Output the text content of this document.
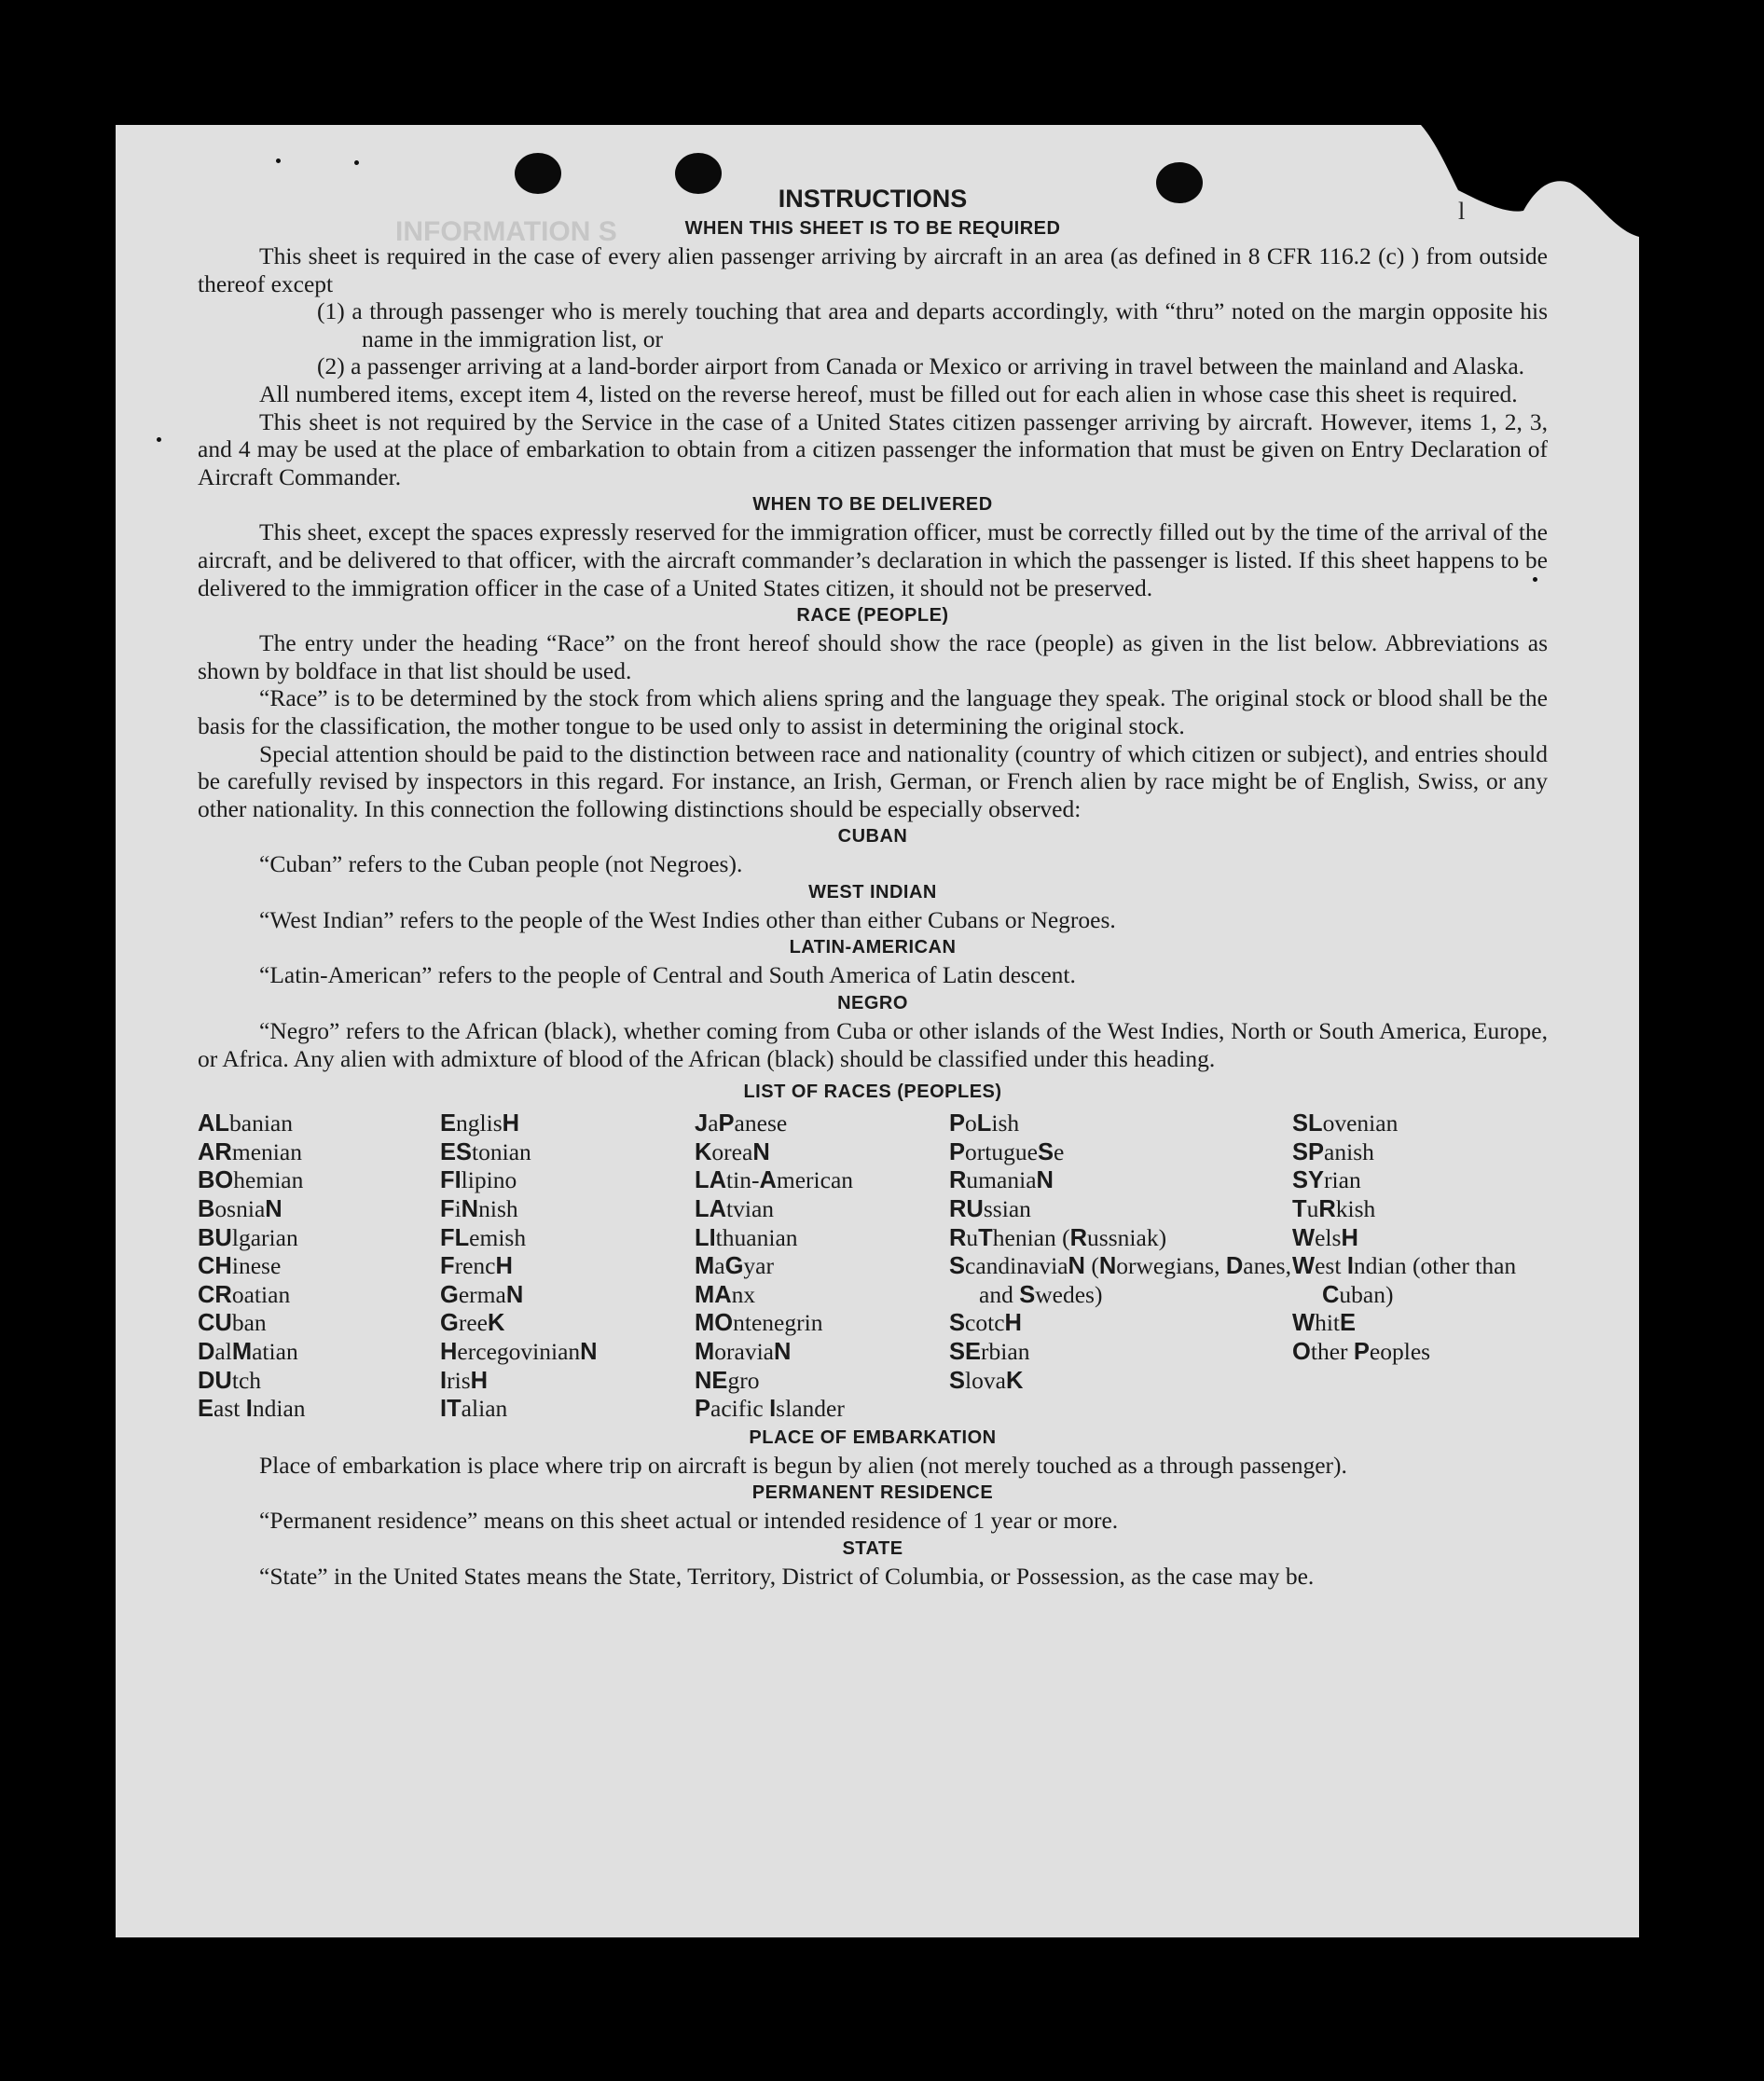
INFORMATION S
l
INSTRUCTIONS
WHEN THIS SHEET IS TO BE REQUIRED
This sheet is required in the case of every alien passenger arriving by aircraft in an area (as defined in 8 CFR 116.2 (c) ) from outside thereof except
(1) a through passenger who is merely touching that area and departs accordingly, with “thru” noted on the margin opposite his name in the immigration list, or
(2) a passenger arriving at a land-border airport from Canada or Mexico or arriving in travel between the mainland and Alaska.
All numbered items, except item 4, listed on the reverse hereof, must be filled out for each alien in whose case this sheet is required.
This sheet is not required by the Service in the case of a United States citizen passenger arriving by aircraft. However, items 1, 2, 3, and 4 may be used at the place of embarkation to obtain from a citizen passenger the information that must be given on Entry Declaration of Aircraft Commander.
WHEN TO BE DELIVERED
This sheet, except the spaces expressly reserved for the immigration officer, must be correctly filled out by the time of the arrival of the aircraft, and be delivered to that officer, with the aircraft commander’s declaration in which the passenger is listed. If this sheet happens to be delivered to the immigration officer in the case of a United States citizen, it should not be preserved.
RACE (PEOPLE)
The entry under the heading “Race” on the front hereof should show the race (people) as given in the list below. Abbreviations as shown by boldface in that list should be used.
“Race” is to be determined by the stock from which aliens spring and the language they speak. The original stock or blood shall be the basis for the classification, the mother tongue to be used only to assist in determining the original stock.
Special attention should be paid to the distinction between race and nationality (country of which citizen or subject), and entries should be carefully revised by inspectors in this regard. For instance, an Irish, German, or French alien by race might be of English, Swiss, or any other nationality. In this connection the following distinctions should be especially observed:
CUBAN
“Cuban” refers to the Cuban people (not Negroes).
WEST INDIAN
“West Indian” refers to the people of the West Indies other than either Cubans or Negroes.
LATIN-AMERICAN
“Latin-American” refers to the people of Central and South America of Latin descent.
NEGRO
“Negro” refers to the African (black), whether coming from Cuba or other islands of the West Indies, North or South America, Europe, or Africa. Any alien with admixture of blood of the African (black) should be classified under this heading.
LIST OF RACES (PEOPLES)
ALbanian
ARmenian
BOhemian
BosniaN
BUlgarian
CHinese
CRoatian
CUban
DalMatian
DUtch
East Indian
EnglisH
EStonian
FIlipino
FiNnish
FLemish
FrencH
GermaN
GreeK
HercegovinianN
IrisH
ITalian
JaPanese
KoreaN
LAtin-American
LAtvian
LIthuanian
MaGyar
MAnx
MOntenegrin
MoraviaN
NEgro
Pacific Islander
PoLish
PortugueSe
RumaniaN
RUssian
RuThenian (Russniak)
ScandinaviaN (Norwegians, Danes, and Swedes)
ScotcH
SErbian
SlovaK
SLovenian
SPanish
SYrian
TuRkish
WelsH
West Indian (other than Cuban)
WhitE
Other Peoples
PLACE OF EMBARKATION
Place of embarkation is place where trip on aircraft is begun by alien (not merely touched as a through passenger).
PERMANENT RESIDENCE
“Permanent residence” means on this sheet actual or intended residence of 1 year or more.
STATE
“State” in the United States means the State, Territory, District of Columbia, or Possession, as the case may be.
